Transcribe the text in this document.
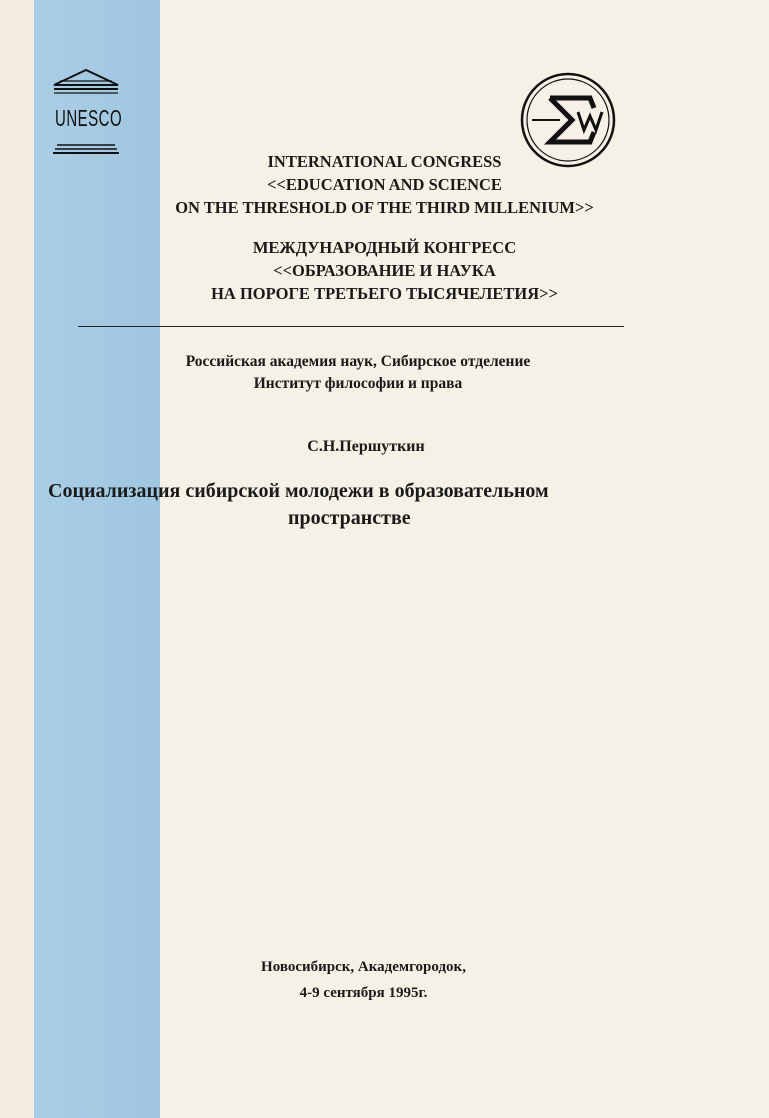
UNESCO
INTERNATIONAL CONGRESS
<<EDUCATION AND SCIENCE
ON THE THRESHOLD OF THE THIRD MILLENIUM>>
МЕЖДУНАРОДНЫЙ КОНГРЕСС
<<ОБРАЗОВАНИЕ И НАУКА
НА ПОРОГЕ ТРЕТЬЕГО ТЫСЯЧЕЛЕТИЯ>>
Российская академия наук, Сибирское отделение
Институт философии и права
С.Н.Першуткин
Социализация сибирской молодежи в образовательном
пространстве
Новосибирск, Академгородок,
4-9 сентября 1995г.
